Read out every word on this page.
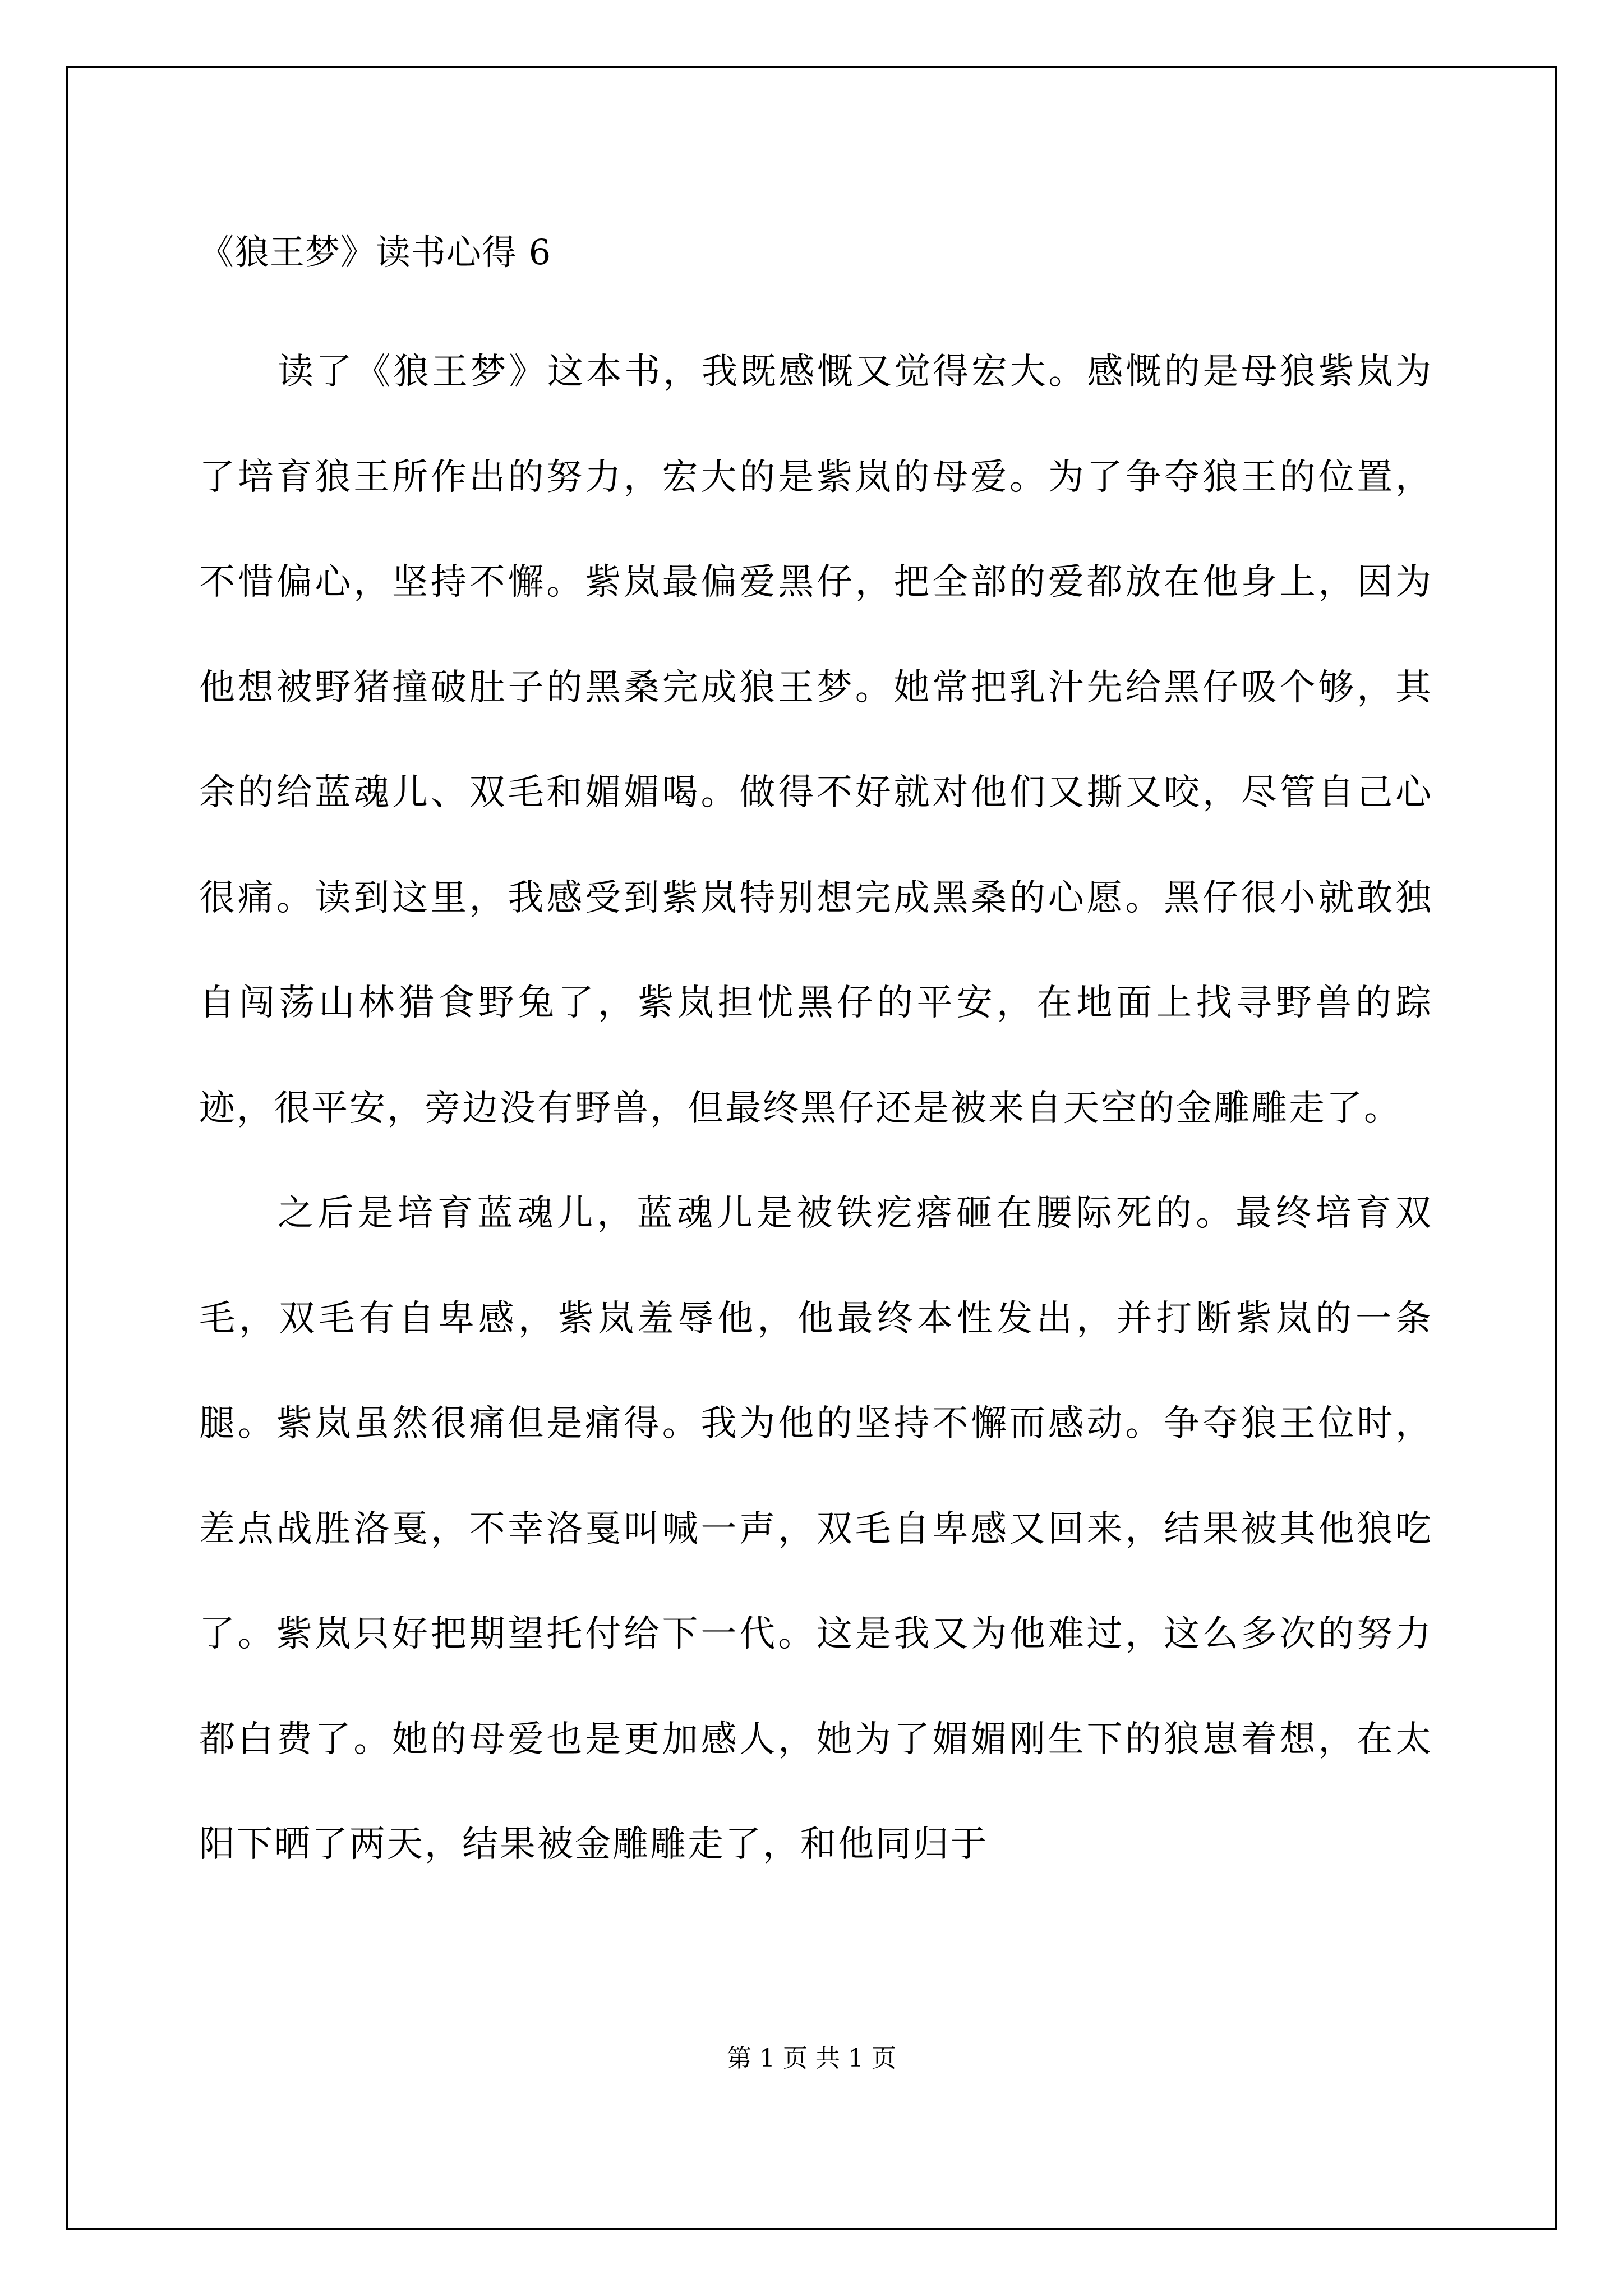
《狼王梦》读书心得 6

读了《狼王梦》这本书，我既感慨又觉得宏大。感慨的是母狼紫岚为了培育狼王所作出的努力，宏大的是紫岚的母爱。为了争夺狼王的位置，不惜偏心，坚持不懈。紫岚最偏爱黑仔，把全部的爱都放在他身上，因为他想被野猪撞破肚子的黑桑完成狼王梦。她常把乳汁先给黑仔吸个够，其余的给蓝魂儿、双毛和媚媚喝。做得不好就对他们又撕又咬，尽管自己心很痛。读到这里，我感受到紫岚特别想完成黑桑的心愿。黑仔很小就敢独自闯荡山林猎食野兔了，紫岚担忧黑仔的平安，在地面上找寻野兽的踪迹，很平安，旁边没有野兽，但最终黑仔还是被来自天空的金雕雕走了。

之后是培育蓝魂儿，蓝魂儿是被铁疙瘩砸在腰际死的。最终培育双毛，双毛有自卑感，紫岚羞辱他，他最终本性发出，并打断紫岚的一条腿。紫岚虽然很痛但是痛得。我为他的坚持不懈而感动。争夺狼王位时，差点战胜洛戛，不幸洛戛叫喊一声，双毛自卑感又回来，结果被其他狼吃了。紫岚只好把期望托付给下一代。这是我又为他难过，这么多次的努力都白费了。她的母爱也是更加感人，她为了媚媚刚生下的狼崽着想，在太阳下晒了两天，结果被金雕雕走了，和他同归于

第 1 页 共 1 页
